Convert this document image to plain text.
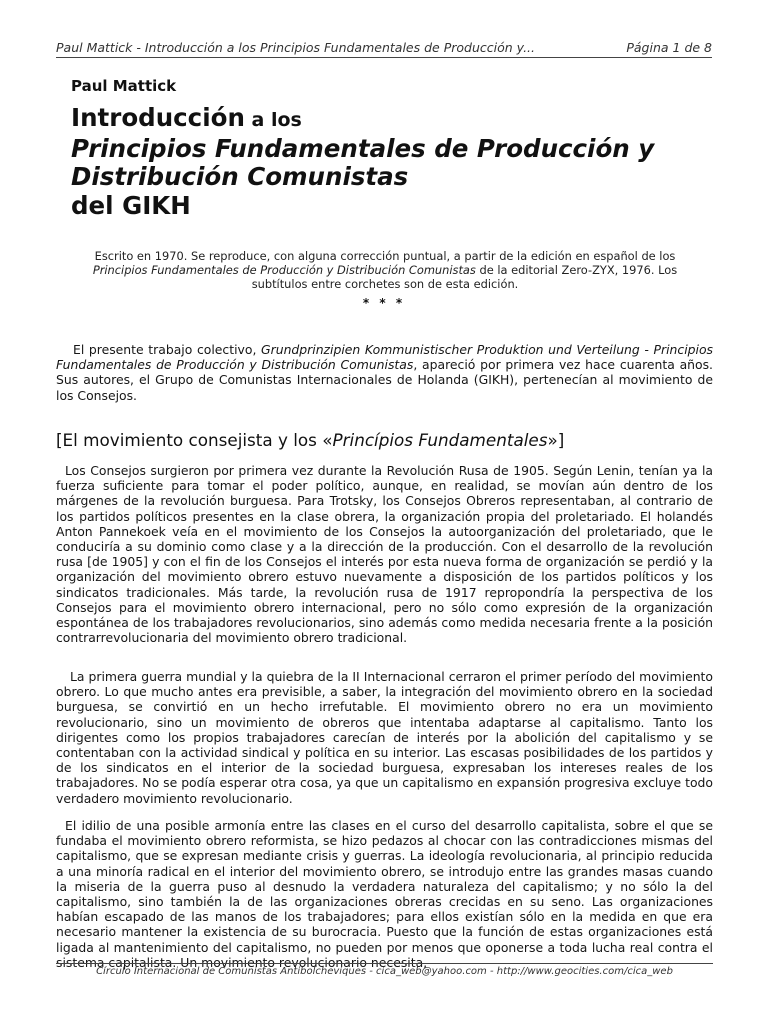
Paul Mattick - Introducción a los Principios Fundamentales de Producción y...	Página 1 de 8
Paul Mattick
Introducción a los
Principios Fundamentales de Producción y
Distribución Comunistas
del GIKH
Escrito en 1970. Se reproduce, con alguna corrección puntual, a partir de la edición en español de los Principios Fundamentales de Producción y Distribución Comunistas de la editorial Zero-ZYX, 1976. Los subtítulos entre corchetes son de esta edición.
* * *
El presente trabajo colectivo, Grundprinzipien Kommunistischer Produktion und Verteilung - Principios Fundamentales de Producción y Distribución Comunistas, apareció por primera vez hace cuarenta años. Sus autores, el Grupo de Comunistas Internacionales de Holanda (GIKH), pertenecían al movimiento de los Consejos.
[El movimiento consejista y los «Princípios Fundamentales»]
Los Consejos surgieron por primera vez durante la Revolución Rusa de 1905. Según Lenin, tenían ya la fuerza suficiente para tomar el poder político, aunque, en realidad, se movían aún dentro de los márgenes de la revolución burguesa. Para Trotsky, los Consejos Obreros representaban, al contrario de los partidos políticos presentes en la clase obrera, la organización propia del proletariado. El holandés Anton Pannekoek veía en el movimiento de los Consejos la autoorganización del proletariado, que le conduciría a su dominio como clase y a la dirección de la producción. Con el desarrollo de la revolución rusa [de 1905] y con el fin de los Consejos el interés por esta nueva forma de organización se perdió y la organización del movimiento obrero estuvo nuevamente a disposición de los partidos políticos y los sindicatos tradicionales. Más tarde, la revolución rusa de 1917 repropondría la perspectiva de los Consejos para el movimiento obrero internacional, pero no sólo como expresión de la organización espontánea de los trabajadores revolucionarios, sino además como medida necesaria frente a la posición contrarrevolucionaria del movimiento obrero tradicional.
La primera guerra mundial y la quiebra de la II Internacional cerraron el primer período del movimiento obrero. Lo que mucho antes era previsible, a saber, la integración del movimiento obrero en la sociedad burguesa, se convirtió en un hecho irrefutable. El movimiento obrero no era un movimiento revolucionario, sino un movimiento de obreros que intentaba adaptarse al capitalismo. Tanto los dirigentes como los propios trabajadores carecían de interés por la abolición del capitalismo y se contentaban con la actividad sindical y política en su interior. Las escasas posibilidades de los partidos y de los sindicatos en el interior de la sociedad burguesa, expresaban los intereses reales de los trabajadores. No se podía esperar otra cosa, ya que un capitalismo en expansión progresiva excluye todo verdadero movimiento revolucionario.
El idilio de una posible armonía entre las clases en el curso del desarrollo capitalista, sobre el que se fundaba el movimiento obrero reformista, se hizo pedazos al chocar con las contradicciones mismas del capitalismo, que se expresan mediante crisis y guerras. La ideología revolucionaria, al principio reducida a una minoría radical en el interior del movimiento obrero, se introdujo entre las grandes masas cuando la miseria de la guerra puso al desnudo la verdadera naturaleza del capitalismo; y no sólo la del capitalismo, sino también la de las organizaciones obreras crecidas en su seno. Las organizaciones habían escapado de las manos de los trabajadores; para ellos existían sólo en la medida en que era necesario mantener la existencia de su burocracia. Puesto que la función de estas organizaciones está ligada al mantenimiento del capitalismo, no pueden por menos que oponerse a toda lucha real contra el sistema capitalista. Un movimiento revolucionario necesita,
Círculo Internacional de Comunistas Antibolcheviques - cica_web@yahoo.com - http://www.geocities.com/cica_web
